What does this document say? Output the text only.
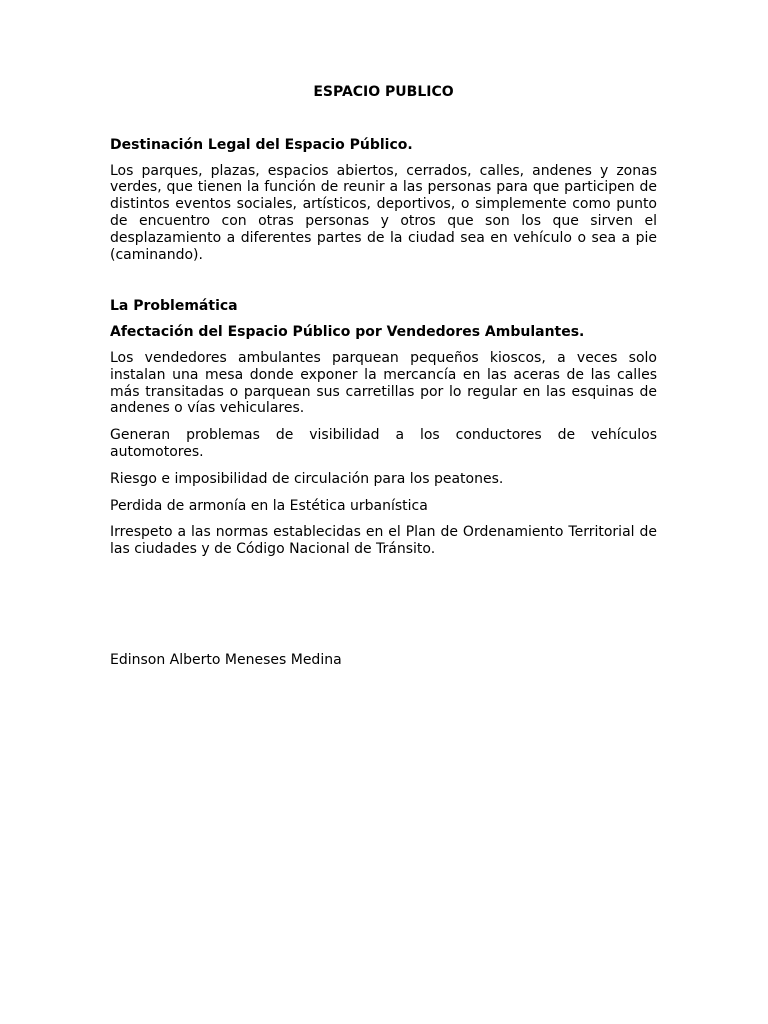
ESPACIO PUBLICO

Destinación Legal del Espacio Público.

Los parques, plazas, espacios abiertos, cerrados, calles, andenes y zonas verdes, que tienen la función de reunir a las personas para que participen de distintos eventos sociales, artísticos, deportivos, o simplemente como punto de encuentro con otras personas y otros que son los que sirven el desplazamiento a diferentes partes de la ciudad sea en vehículo o sea a pie (caminando).

La Problemática

Afectación del Espacio Público por Vendedores Ambulantes.

Los vendedores ambulantes parquean pequeños kioscos, a veces solo instalan una mesa donde exponer la mercancía en las aceras de las calles más transitadas o parquean sus carretillas por lo regular en las esquinas de andenes o vías vehiculares.

Generan problemas de visibilidad a los conductores de vehículos automotores.

Riesgo e imposibilidad de circulación para los peatones.

Perdida de armonía en la Estética urbanística

Irrespeto a las normas establecidas en el Plan de Ordenamiento Territorial de las ciudades y de Código Nacional de Tránsito.

Edinson Alberto Meneses Medina
